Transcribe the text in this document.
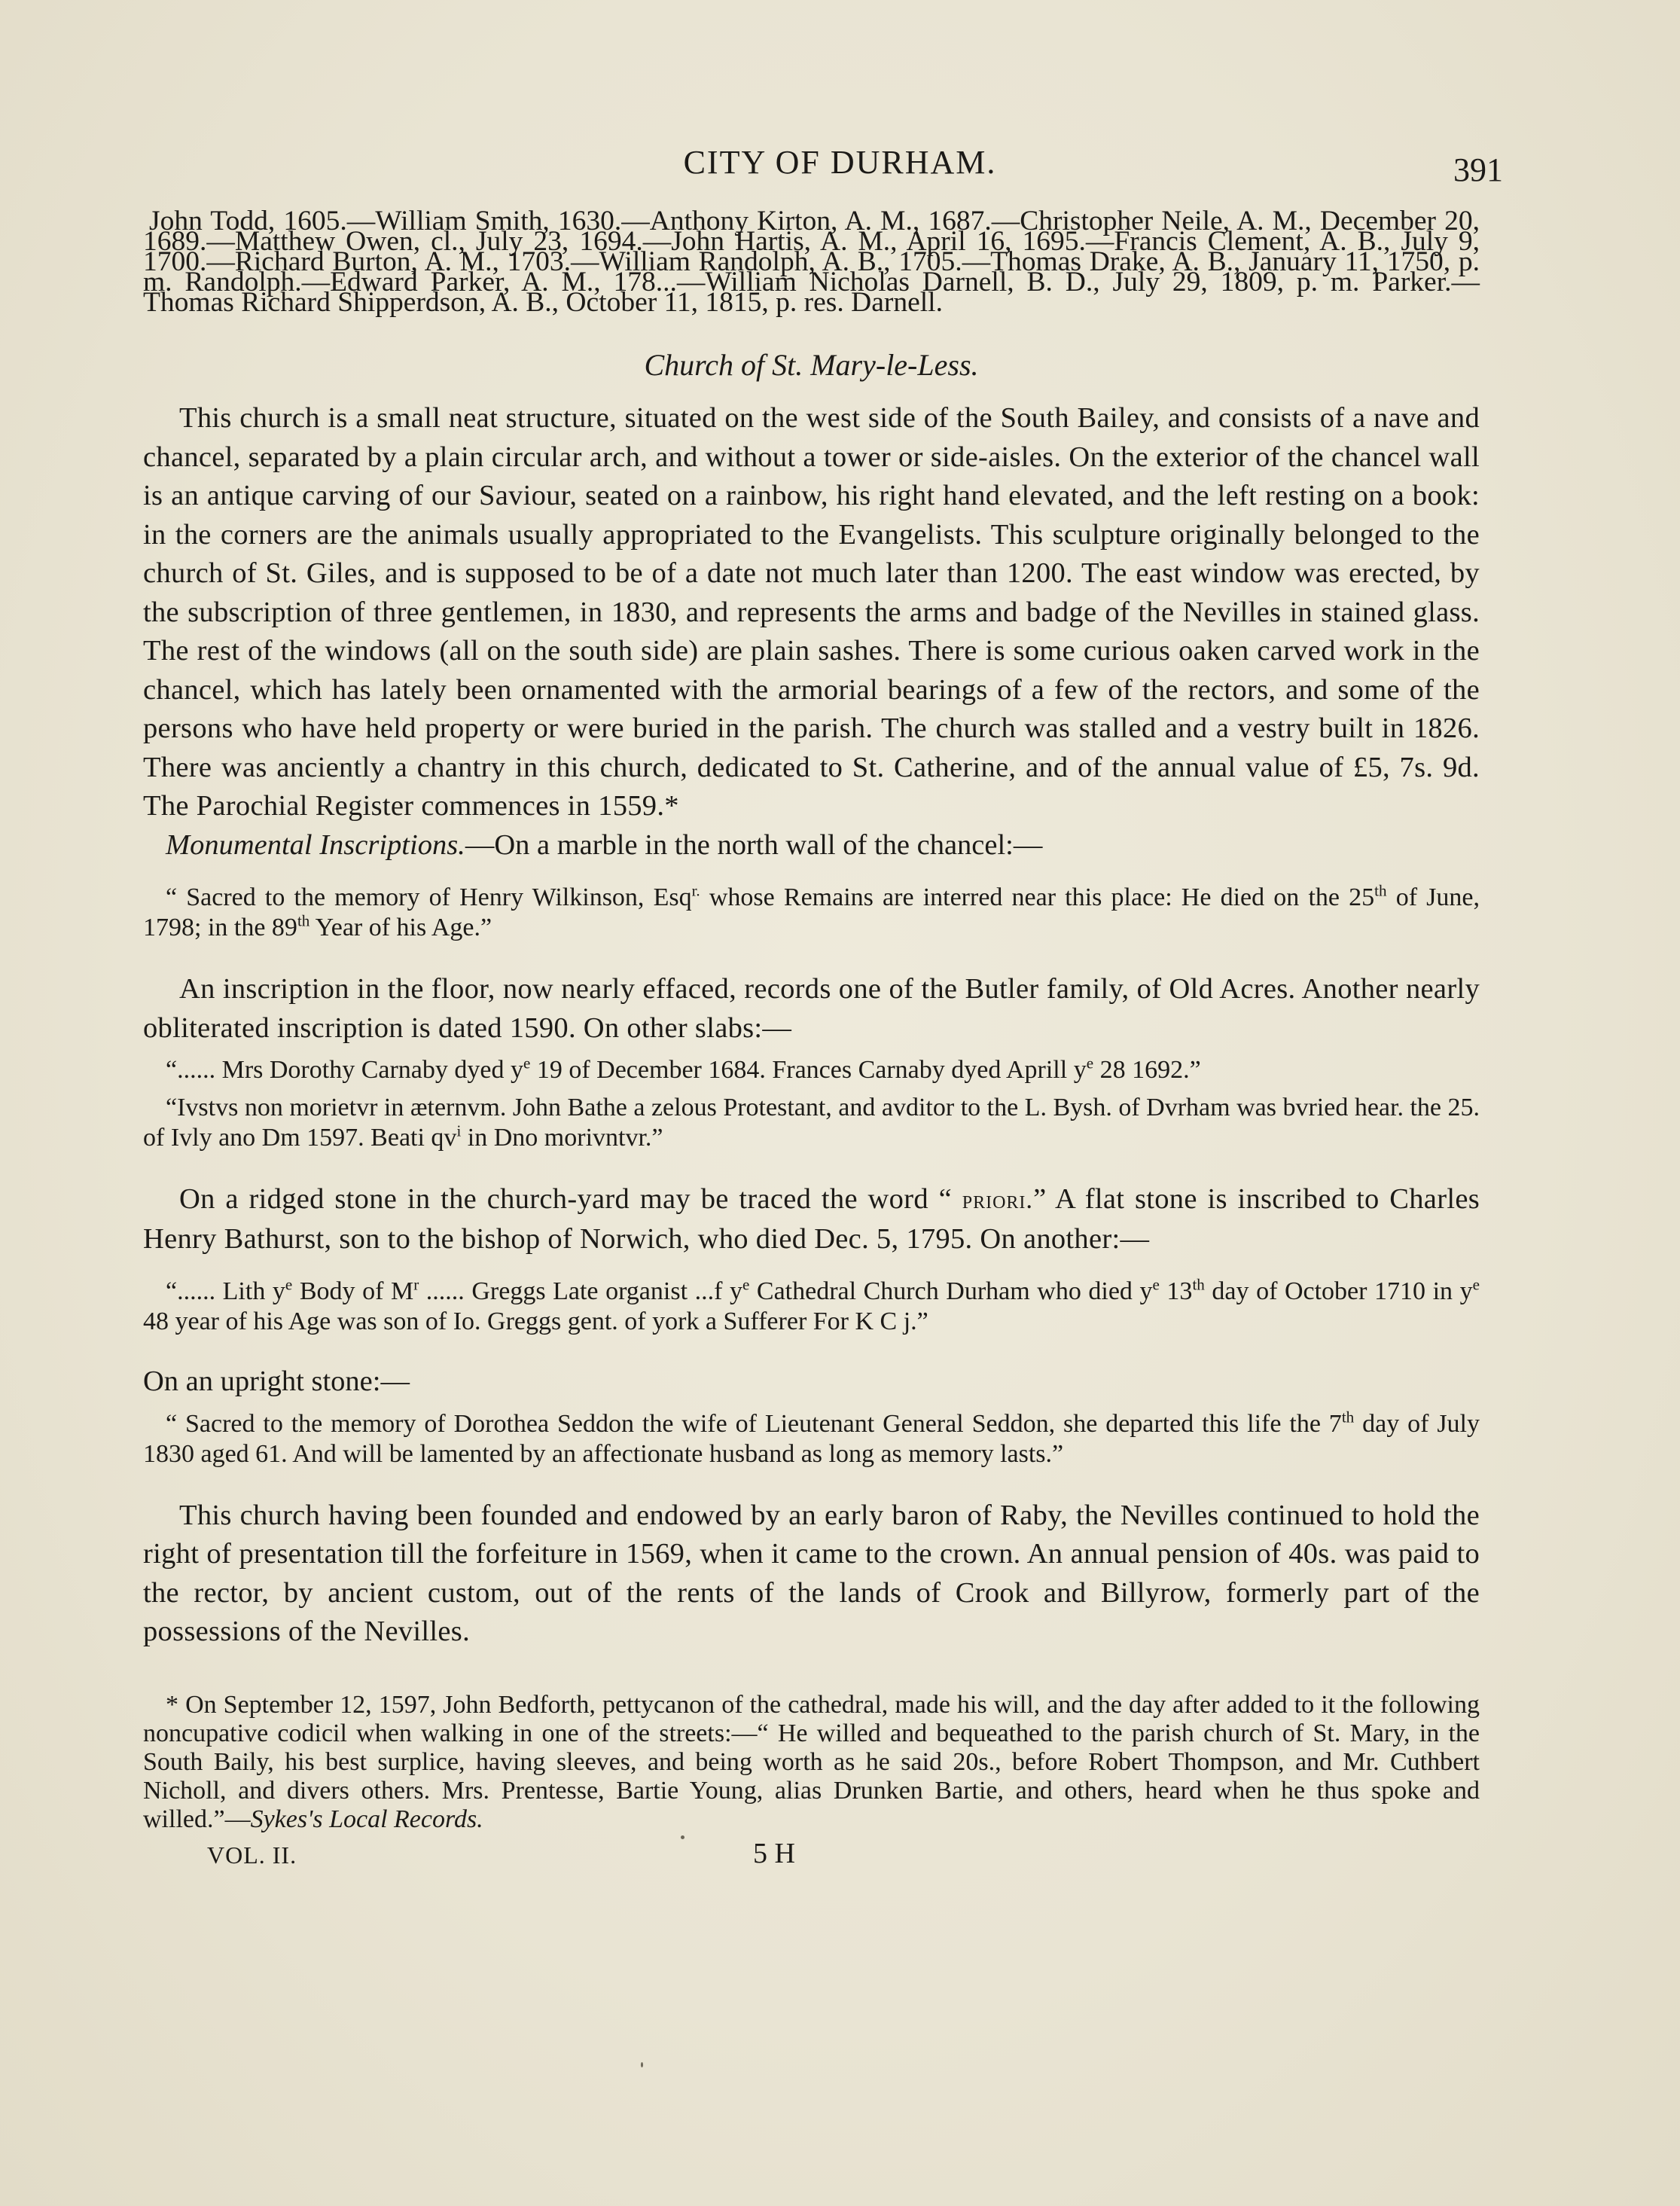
CITY OF DURHAM.	391

John Todd, 1605.—William Smith, 1630.—Anthony Kirton, A. M., 1687.—Christopher Neile, A. M., December 20, 1689.—Matthew Owen, cl., July 23, 1694.—John Hartis, A. M., April 16, 1695.—Francis Clement, A. B., July 9, 1700.—Richard Burton, A. M., 1703.—William Randolph, A. B., 1705.—Thomas Drake, A. B., January 11, 1750, p. m. Randolph.—Edward Parker, A. M., 178...—William Nicholas Darnell, B. D., July 29, 1809, p. m. Parker.—Thomas Richard Shipperdson, A. B., October 11, 1815, p. res. Darnell.

Church of St. Mary-le-Less.

This church is a small neat structure, situated on the west side of the South Bailey, and consists of a nave and chancel, separated by a plain circular arch, and without a tower or side-aisles. On the exterior of the chancel wall is an antique carving of our Saviour, seated on a rainbow, his right hand elevated, and the left resting on a book: in the corners are the animals usually appropriated to the Evangelists. This sculpture originally belonged to the church of St. Giles, and is supposed to be of a date not much later than 1200. The east window was erected, by the subscription of three gentlemen, in 1830, and represents the arms and badge of the Nevilles in stained glass. The rest of the windows (all on the south side) are plain sashes. There is some curious oaken carved work in the chancel, which has lately been ornamented with the armorial bearings of a few of the rectors, and some of the persons who have held property or were buried in the parish. The church was stalled and a vestry built in 1826. There was anciently a chantry in this church, dedicated to St. Catherine, and of the annual value of £5, 7s. 9d. The Parochial Register commences in 1559.*

Monumental Inscriptions.—On a marble in the north wall of the chancel:—

“ Sacred to the memory of Henry Wilkinson, Esq$^{r.}$ whose Remains are interred near this place: He died on the 25th of June, 1798; in the 89th Year of his Age.”

An inscription in the floor, now nearly effaced, records one of the Butler family, of Old Acres. Another nearly obliterated inscription is dated 1590. On other slabs:—

“...... Mrs Dorothy Carnaby dyed $y^e$ 19 of December 1684. Frances Carnaby dyed Aprill $y^e$ 28 1692.”

“Ivstvs non morietvr in æternvm. John Bathe a zelous Protestant, and avditor to the L. Bysh. of Dvrham was bvried hear. the 25. of Ivly ano Dm 1597. Beati $qv^i$ in Dno morivntvr.”

On a ridged stone in the church-yard may be traced the word “ priori.” A flat stone is inscribed to Charles Henry Bathurst, son to the bishop of Norwich, who died Dec. 5, 1795. On another:—

“...... Lith $y^e$ Body of $M^r$ ...... Greggs Late organist ...f $y^e$ Cathedral Church Durham who died $y^e$ 13th day of October 1710 in $y^e$ 48 year of his Age was son of Io. Greggs gent. of york a Sufferer For K C j.”

On an upright stone:—

“ Sacred to the memory of Dorothea Seddon the wife of Lieutenant General Seddon, she departed this life the 7th day of July 1830 aged 61. And will be lamented by an affectionate husband as long as memory lasts.”

This church having been founded and endowed by an early baron of Raby, the Nevilles continued to hold the right of presentation till the forfeiture in 1569, when it came to the crown. An annual pension of 40s. was paid to the rector, by ancient custom, out of the rents of the lands of Crook and Billyrow, formerly part of the possessions of the Nevilles.

* On September 12, 1597, John Bedforth, pettycanon of the cathedral, made his will, and the day after added to it the following noncupative codicil when walking in one of the streets:—“ He willed and bequeathed to the parish church of St. Mary, in the South Baily, his best surplice, having sleeves, and being worth as he said 20s., before Robert Thompson, and Mr. Cuthbert Nicholl, and divers others. Mrs. Prentesse, Bartie Young, alias Drunken Bartie, and others, heard when he thus spoke and willed.”—Sykes's Local Records.

VOL. II.	5 H
